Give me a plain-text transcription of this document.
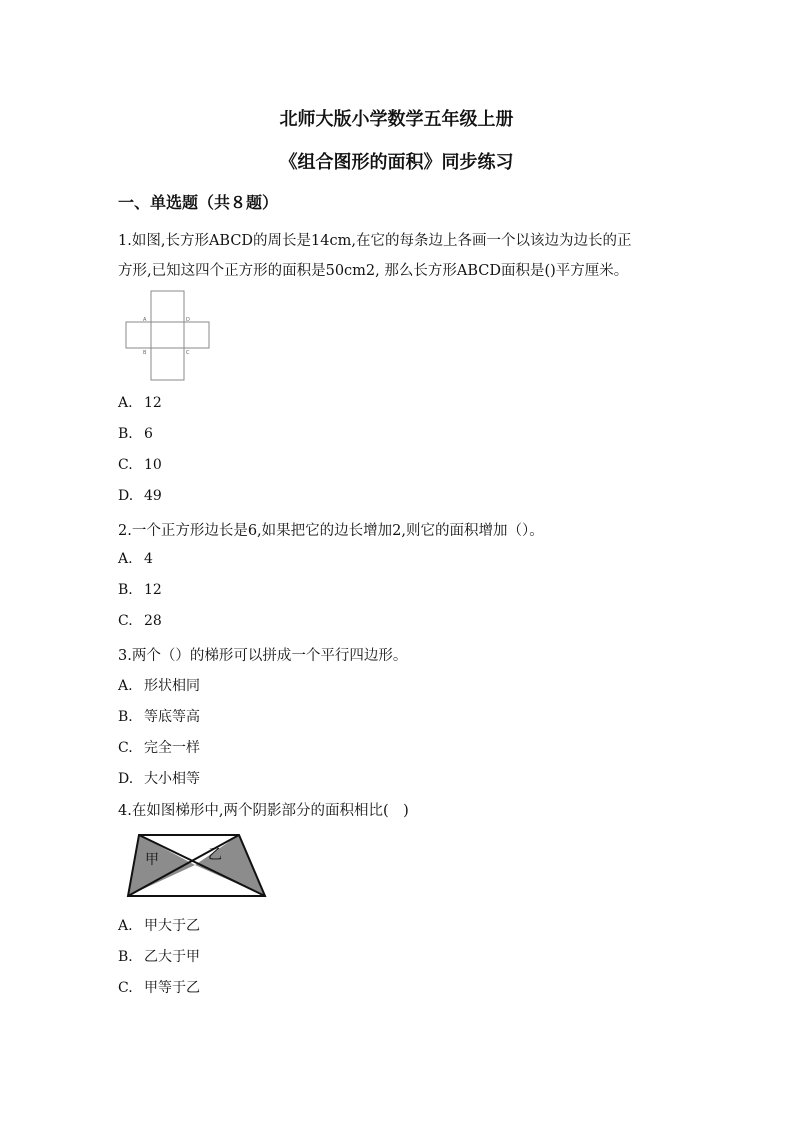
北师大版小学数学五年级上册
《组合图形的面积》同步练习
一、单选题（共８题）
1.如图,长方形ABCD的周长是14cm,在它的每条边上各画一个以该边为边长的正
方形,已知这四个正方形的面积是50cm2, 那么长方形ABCD面积是()平方厘米。
A	D
B	C
A. 12
B. 6
C. 10
D. 49
2.一个正方形边长是6,如果把它的边长增加2,则它的面积增加（）。
A. 4
B. 12
C. 28
3.两个（）的梯形可以拼成一个平行四边形。
A. 形状相同
B. 等底等高
C. 完全一样
D. 大小相等
4.在如图梯形中,两个阴影部分的面积相比(　)
甲	乙
A. 甲大于乙
B. 乙大于甲
C. 甲等于乙
